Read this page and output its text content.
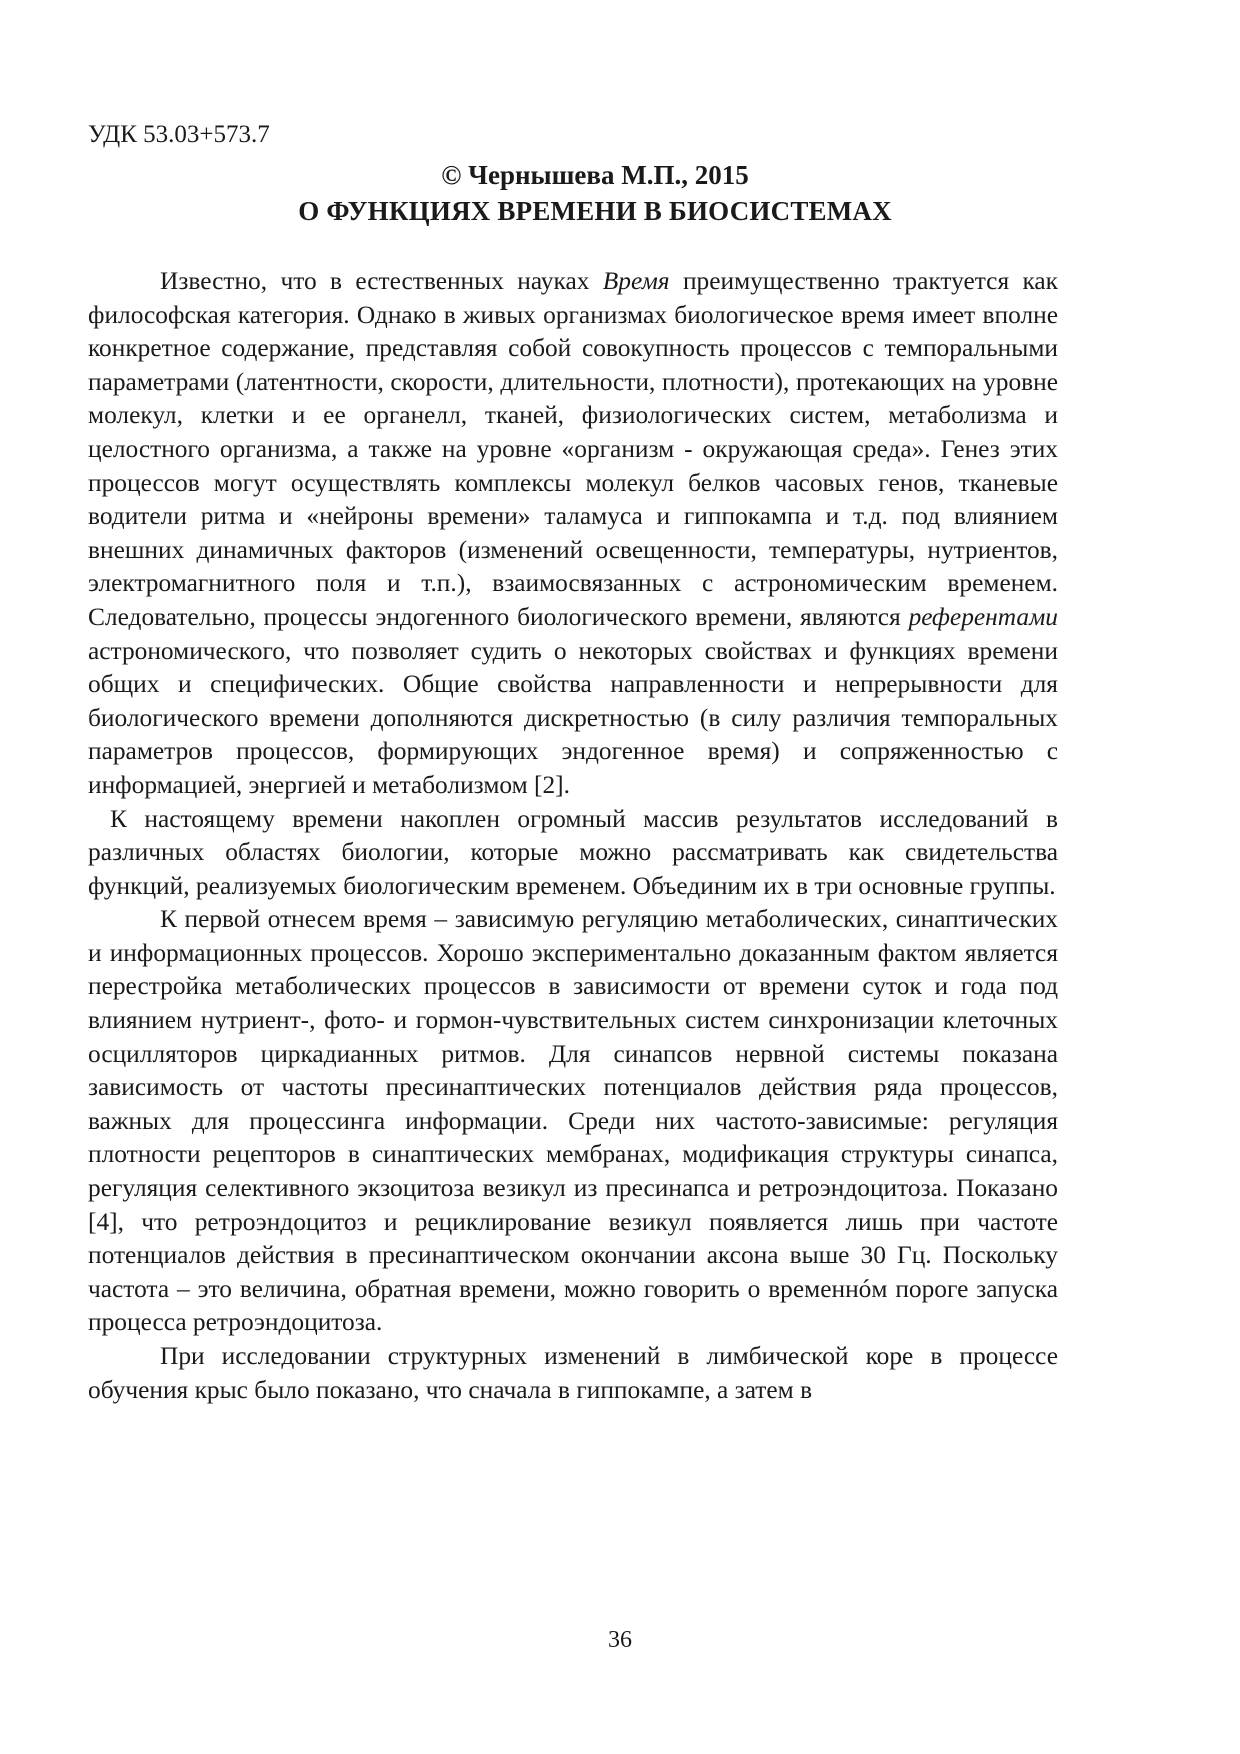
УДК 53.03+573.7

© Чернышева М.П., 2015

О ФУНКЦИЯХ ВРЕМЕНИ В БИОСИСТЕМАХ

Известно, что в естественных науках Время преимущественно трактуется как философская категория. Однако в живых организмах биологическое время имеет вполне конкретное содержание, представляя собой совокупность процессов с темпоральными параметрами (латентности, скорости, длительности, плотности), протекающих на уровне молекул, клетки и ее органелл, тканей, физиологических систем, метаболизма и целостного организма, а также на уровне «организм - окружающая среда». Генез этих процессов могут осуществлять комплексы молекул белков часовых генов, тканевые водители ритма и «нейроны времени» таламуса и гиппокампа и т.д. под влиянием внешних динамичных факторов (изменений освещенности, температуры, нутриентов, электромагнитного поля и т.п.), взаимосвязанных с астрономическим временем. Следовательно, процессы эндогенного биологического времени, являются референтами астрономического, что позволяет судить о некоторых свойствах и функциях времени общих и специфических. Общие свойства направленности и непрерывности для биологического времени дополняются дискретностью (в силу различия темпоральных параметров процессов, формирующих эндогенное время) и сопряженностью с информацией, энергией и метаболизмом [2].

К настоящему времени накоплен огромный массив результатов исследований в различных областях биологии, которые можно рассматривать как свидетельства функций, реализуемых биологическим временем. Объединим их в три основные группы.

К первой отнесем время – зависимую регуляцию метаболических, синаптических и информационных процессов. Хорошо экспериментально доказанным фактом является перестройка метаболических процессов в зависимости от времени суток и года под влиянием нутриент-, фото- и гормон-чувствительных систем синхронизации клеточных осцилляторов циркадианных ритмов. Для синапсов нервной системы показана зависимость от частоты пресинаптических потенциалов действия ряда процессов, важных для процессинга информации. Среди них частото-зависимые: регуляция плотности рецепторов в синаптических мембранах, модификация структуры синапса, регуляция селективного экзоцитоза везикул из пресинапса и ретроэндоцитоза. Показано [4], что ретроэндоцитоз и рециклирование везикул появляется лишь при частоте потенциалов действия в пресинаптическом окончании аксона выше 30 Гц. Поскольку частота – это величина, обратная времени, можно говорить о временнóм пороге запуска процесса ретроэндоцитоза.

При исследовании структурных изменений в лимбической коре в процессе обучения крыс было показано, что сначала в гиппокампе, а затем в

36
